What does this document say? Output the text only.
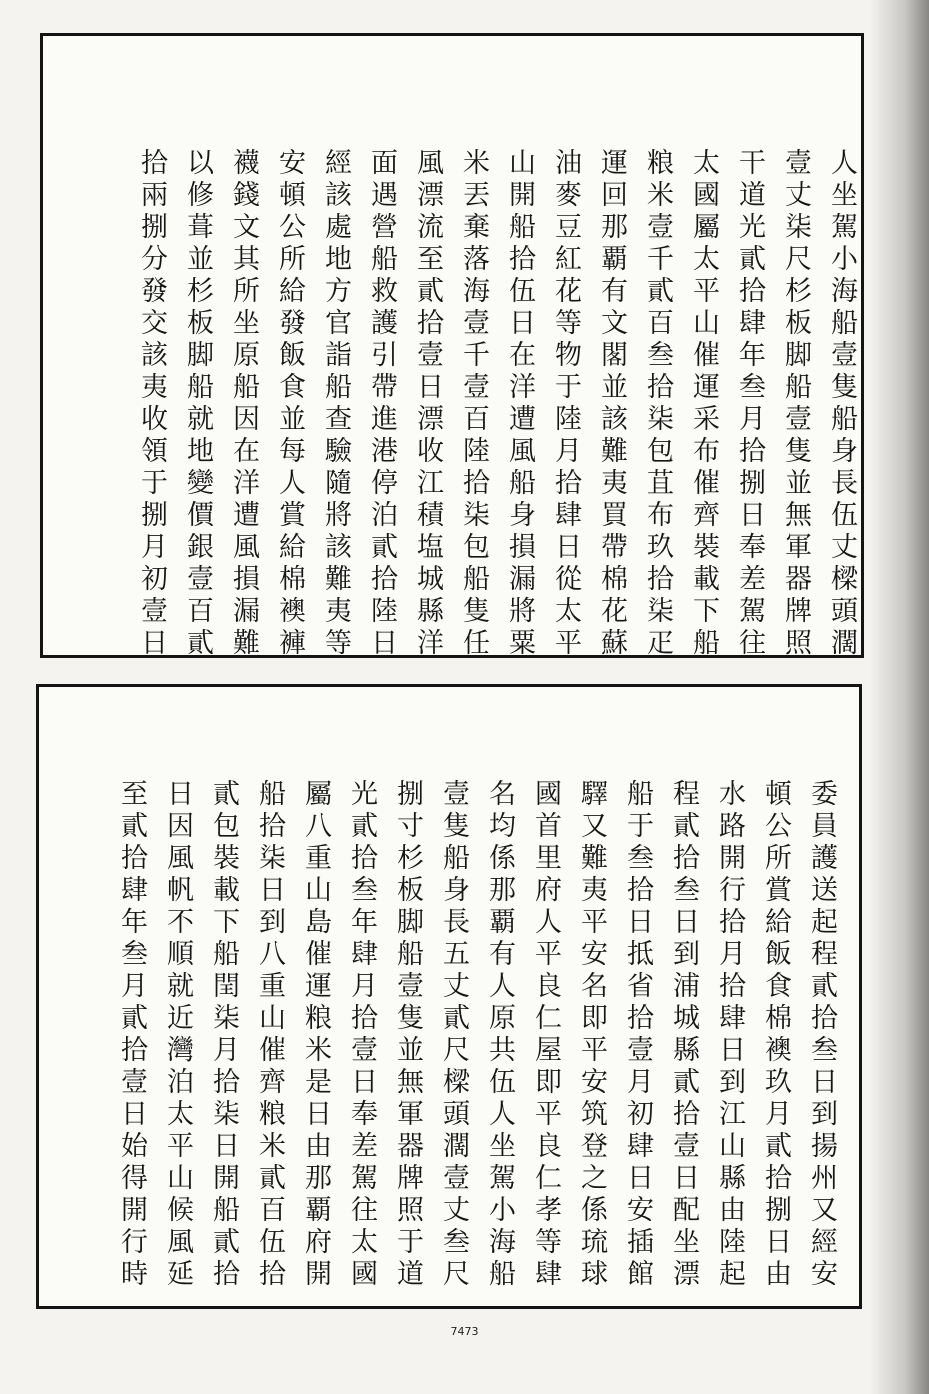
人坐駕小海船壹隻船身長伍丈樑頭濶
壹丈柒尺杉板脚船壹隻並無軍器牌照
干道光貳拾肆年叁月拾捌日奉差駕往
太國屬太平山催運采布催齊裝載下船
粮米壹千貳百叁拾柒包苴布玖拾柒疋
運回那覇有文閣並該難夷買帶棉花蘇
油麥豆紅花等物于陸月拾肆日從太平
山開船拾伍日在洋遭風船身損漏將粟
米丟棄落海壹千壹百陸拾柒包船隻任
風漂流至貳拾壹日漂收江積塩城縣洋
面遇營船救護引帶進港停泊貳拾陸日
經該處地方官詣船查驗隨將該難夷等
安頓公所給發飯食並每人賞給棉襖褲
襪錢文其所坐原船因在洋遭風損漏難
以修葺並杉板脚船就地變價銀壹百貳
拾兩捌分發交該夷收領于捌月初壹日
委員護送起程貳拾叁日到揚州又經安
頓公所賞給飯食棉襖玖月貳拾捌日由
水路開行拾月拾肆日到江山縣由陸起
程貳拾叁日到浦城縣貳拾壹日配坐漂
船于叁拾日抵省拾壹月初肆日安插館
驛又難夷平安名即平安筑登之係琉球
國首里府人平良仁屋即平良仁孝等肆
名均係那覇有人原共伍人坐駕小海船
壹隻船身長五丈貳尺樑頭濶壹丈叁尺
捌寸杉板脚船壹隻並無軍器牌照于道
光貳拾叁年肆月拾壹日奉差駕往太國
屬八重山島催運粮米是日由那覇府開
船拾柒日到八重山催齊粮米貳百伍拾
貳包裝載下船閏柒月拾柒日開船貳拾
日因風帆不順就近灣泊太平山候風延
至貳拾肆年叁月貳拾壹日始得開行時
7473
